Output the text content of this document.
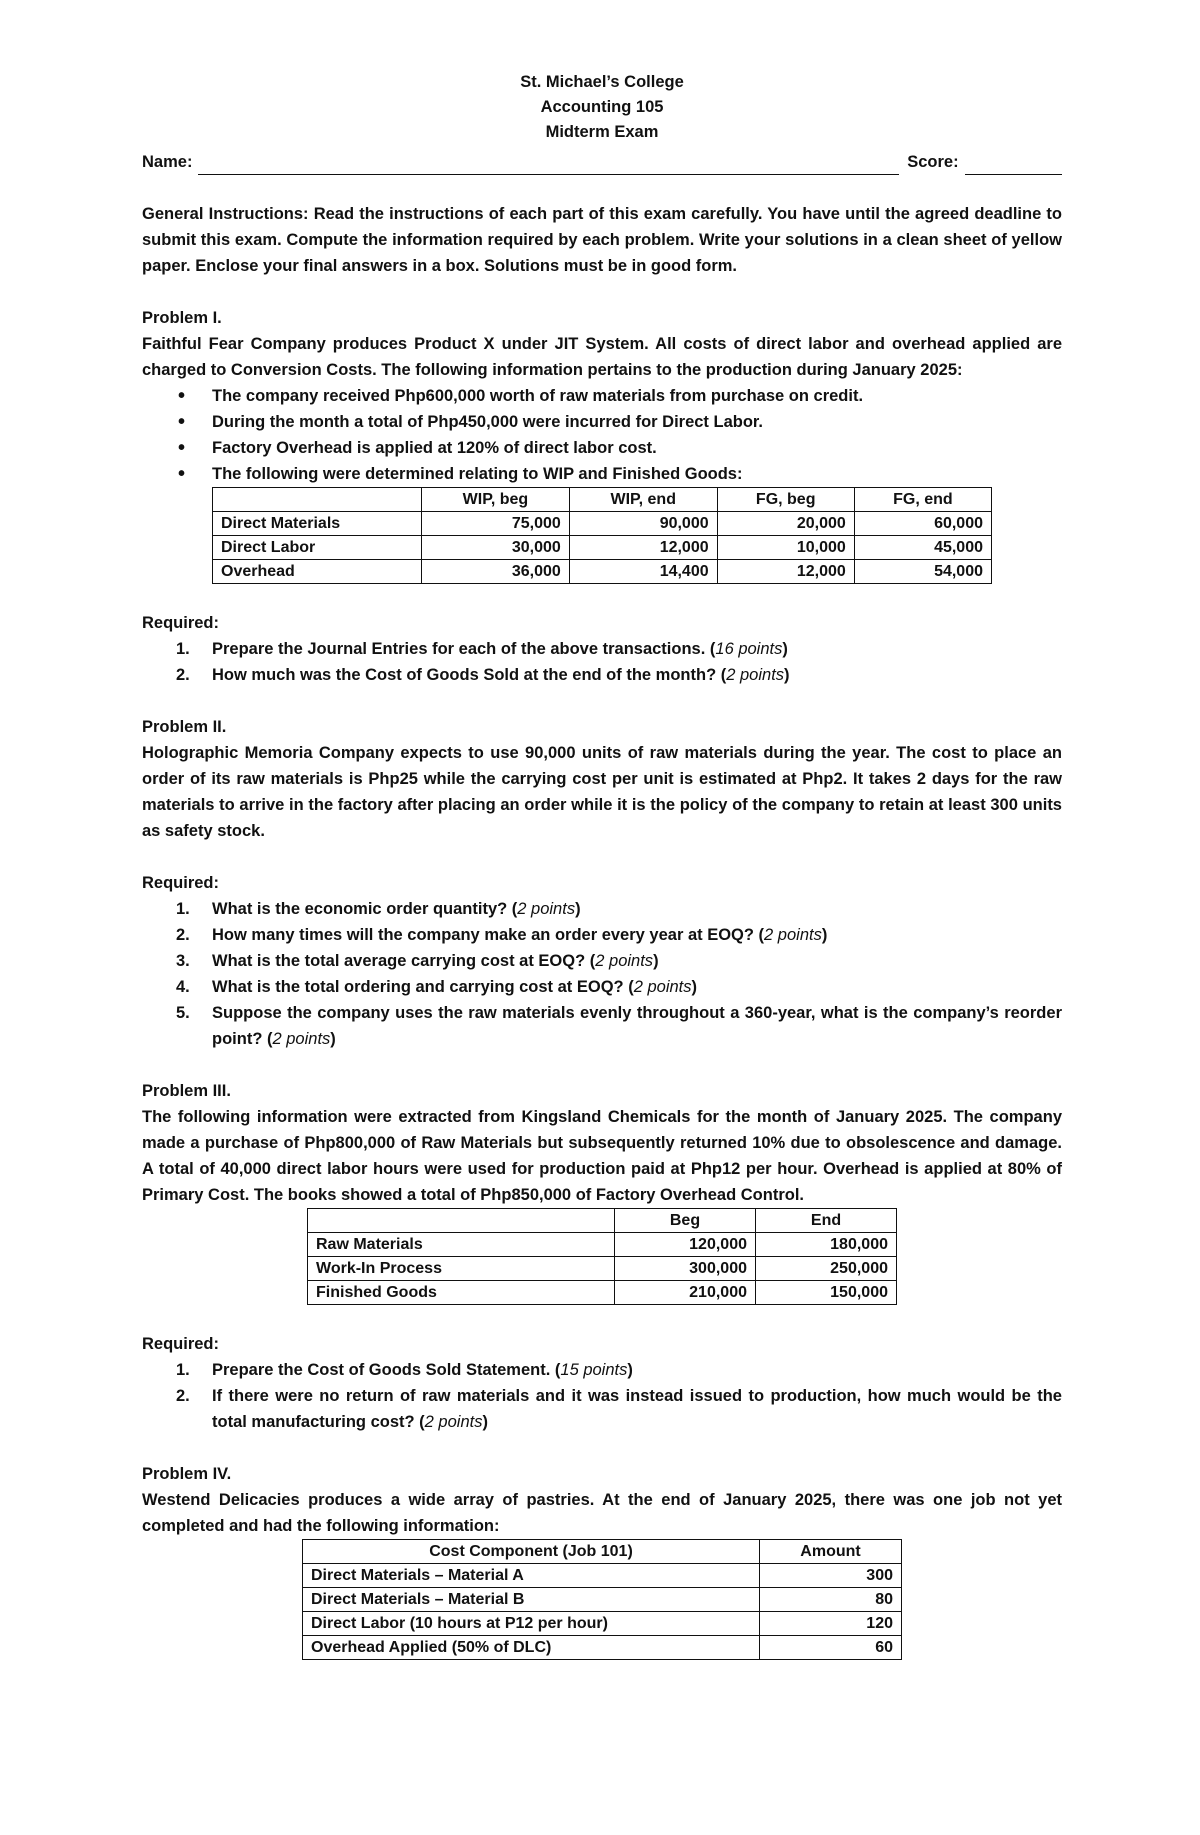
St. Michael’s College
Accounting 105
Midterm Exam
Name:	Score:

General Instructions: Read the instructions of each part of this exam carefully. You have until the agreed deadline to submit this exam. Compute the information required by each problem. Write your solutions in a clean sheet of yellow paper. Enclose your final answers in a box. Solutions must be in good form.

Problem I.

Faithful Fear Company produces Product X under JIT System. All costs of direct labor and overhead applied are charged to Conversion Costs. The following information pertains to the production during January 2025:

• The company received Php600,000 worth of raw materials from purchase on credit.
• During the month a total of Php450,000 were incurred for Direct Labor.
• Factory Overhead is applied at 120% of direct labor cost.
• The following were determined relating to WIP and Finished Goods:
	WIP, beg	WIP, end	FG, beg	FG, end
Direct Materials	75,000	90,000	20,000	60,000
Direct Labor	30,000	12,000	10,000	45,000
Overhead	36,000	14,400	12,000	54,000

Required:

1. Prepare the Journal Entries for each of the above transactions. (16 points)
2. How much was the Cost of Goods Sold at the end of the month? (2 points)

Problem II.

Holographic Memoria Company expects to use 90,000 units of raw materials during the year. The cost to place an order of its raw materials is Php25 while the carrying cost per unit is estimated at Php2. It takes 2 days for the raw materials to arrive in the factory after placing an order while it is the policy of the company to retain at least 300 units as safety stock.

Required:

1. What is the economic order quantity? (2 points)
2. How many times will the company make an order every year at EOQ? (2 points)
3. What is the total average carrying cost at EOQ? (2 points)
4. What is the total ordering and carrying cost at EOQ? (2 points)
5. Suppose the company uses the raw materials evenly throughout a 360-year, what is the company’s reorder point? (2 points)

Problem III.

The following information were extracted from Kingsland Chemicals for the month of January 2025. The company made a purchase of Php800,000 of Raw Materials but subsequently returned 10% due to obsolescence and damage. A total of 40,000 direct labor hours were used for production paid at Php12 per hour. Overhead is applied at 80% of Primary Cost. The books showed a total of Php850,000 of Factory Overhead Control.

	Beg	End
Raw Materials	120,000	180,000
Work-In Process	300,000	250,000
Finished Goods	210,000	150,000

Required:

1. Prepare the Cost of Goods Sold Statement. (15 points)
2. If there were no return of raw materials and it was instead issued to production, how much would be the total manufacturing cost? (2 points)

Problem IV.

Westend Delicacies produces a wide array of pastries. At the end of January 2025, there was one job not yet completed and had the following information:

Cost Component (Job 101)	Amount
Direct Materials – Material A	300
Direct Materials – Material B	80
Direct Labor (10 hours at P12 per hour)	120
Overhead Applied (50% of DLC)	60
